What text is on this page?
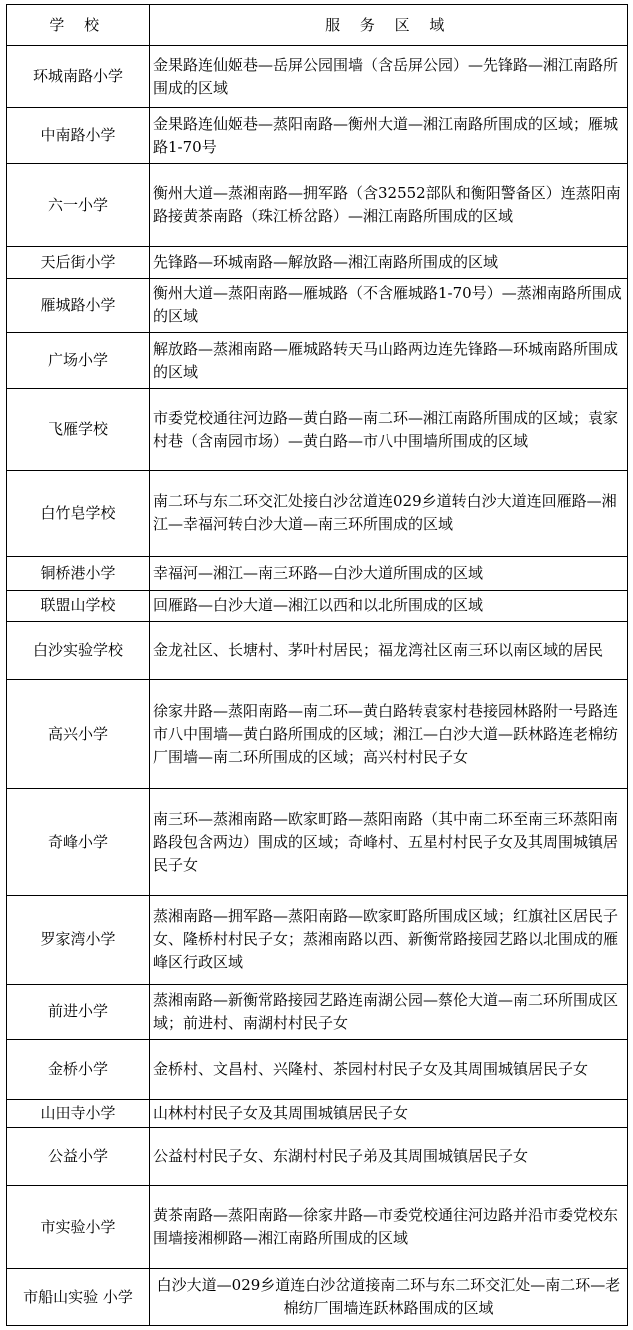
学 校	服 务 区 域
环城南路小学	金果路连仙姬巷—岳屏公园围墙（含岳屏公园）—先锋路—湘江南路所围成的区域
中南路小学	金果路连仙姬巷—蒸阳南路—衡州大道—湘江南路所围成的区域；雁城路1-70号
六一小学	衡州大道—蒸湘南路—拥军路（含32552部队和衡阳警备区）连蒸阳南路接黄茶南路（珠江桥岔路）—湘江南路所围成的区域
天后街小学	先锋路—环城南路—解放路—湘江南路所围成的区域
雁城路小学	衡州大道—蒸阳南路—雁城路（不含雁城路1-70号）—蒸湘南路所围成的区域
广场小学	解放路—蒸湘南路—雁城路转天马山路两边连先锋路—环城南路所围成的区域
飞雁学校	市委党校通往河边路—黄白路—南二环—湘江南路所围成的区域；袁家村巷（含南园市场）—黄白路—市八中围墙所围成的区域
白竹皂学校	南二环与东二环交汇处接白沙岔道连029乡道转白沙大道连回雁路—湘江—幸福河转白沙大道—南三环所围成的区域
铜桥港小学	幸福河—湘江—南三环路—白沙大道所围成的区域
联盟山学校	回雁路—白沙大道—湘江以西和以北所围成的区域
白沙实验学校	金龙社区、长塘村、茅叶村居民；福龙湾社区南三环以南区域的居民
高兴小学	徐家井路—蒸阳南路—南二环—黄白路转袁家村巷接园林路附一号路连市八中围墙—黄白路所围成的区域；湘江—白沙大道—跃林路连老棉纺厂围墙—南二环所围成的区域；高兴村村民子女
奇峰小学	南三环—蒸湘南路—欧家町路—蒸阳南路（其中南二环至南三环蒸阳南路段包含两边）围成的区域；奇峰村、五星村村民子女及其周围城镇居民子女
罗家湾小学	蒸湘南路—拥军路—蒸阳南路—欧家町路所围成区域；红旗社区居民子女、隆桥村村民子女；蒸湘南路以西、新衡常路接园艺路以北围成的雁峰区行政区域
前进小学	蒸湘南路—新衡常路接园艺路连南湖公园—蔡伦大道—南二环所围成区域；前进村、南湖村村民子女
金桥小学	金桥村、文昌村、兴隆村、茶园村村民子女及其周围城镇居民子女
山田寺小学	山林村村民子女及其周围城镇居民子女
公益小学	公益村村民子女、东湖村村民子弟及其周围城镇居民子女
市实验小学	黄茶南路—蒸阳南路—徐家井路—市委党校通往河边路并沿市委党校东围墙接湘柳路—湘江南路所围成的区域
市船山实验 小学	白沙大道—029乡道连白沙岔道接南二环与东二环交汇处—南二环—老棉纺厂围墙连跃林路围成的区域
